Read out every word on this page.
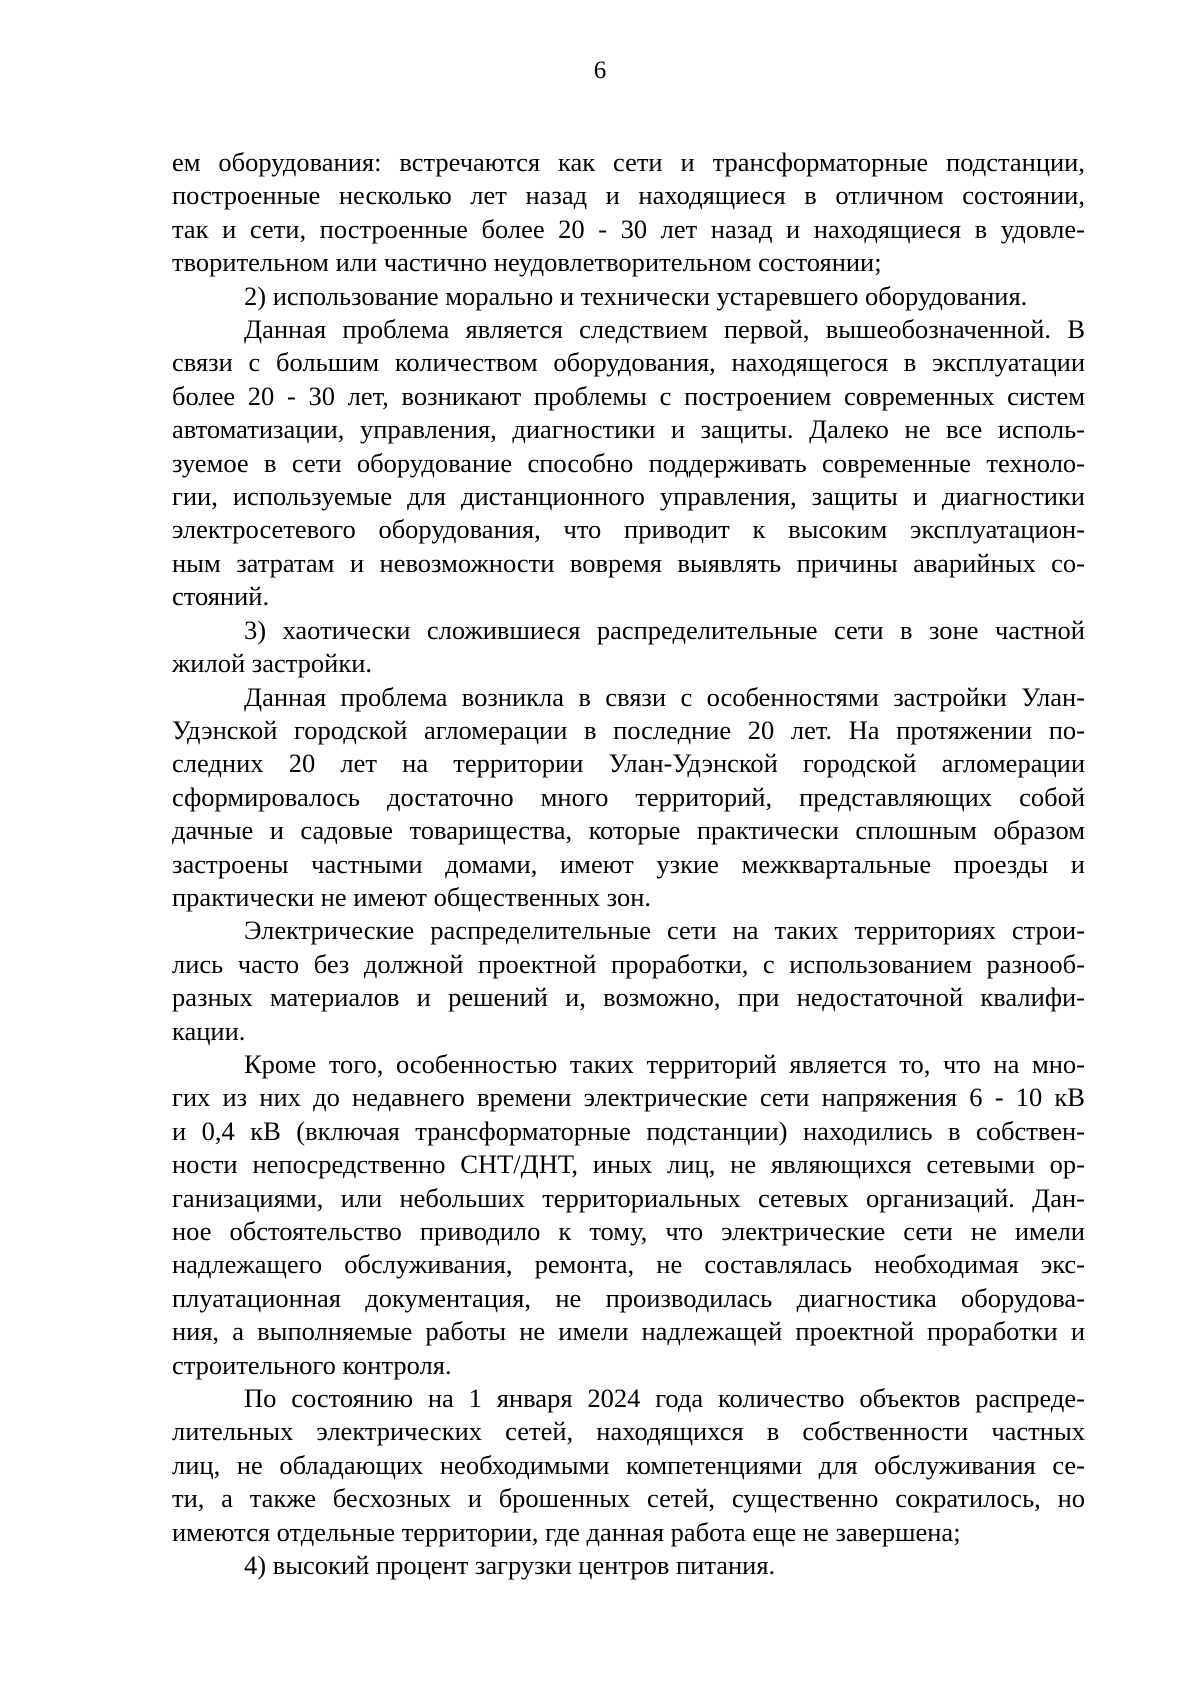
6

ем оборудования: встречаются как сети и трансформаторные подстанции,
построенные несколько лет назад и находящиеся в отличном состоянии,
так и сети, построенные более 20 - 30 лет назад и находящиеся в удовле-
творительном или частично неудовлетворительном состоянии;

2) использование морально и технически устаревшего оборудования.

Данная проблема является следствием первой, вышеобозначенной. В
связи с большим количеством оборудования, находящегося в эксплуатации
более 20 - 30 лет, возникают проблемы с построением современных систем
автоматизации, управления, диагностики и защиты. Далеко не все исполь-
зуемое в сети оборудование способно поддерживать современные техноло-
гии, используемые для дистанционного управления, защиты и диагностики
электросетевого оборудования, что приводит к высоким эксплуатацион-
ным затратам и невозможности вовремя выявлять причины аварийных со-
стояний.

3) хаотически сложившиеся распределительные сети в зоне частной
жилой застройки.

Данная проблема возникла в связи с особенностями застройки Улан-
Удэнской городской агломерации в последние 20 лет. На протяжении по-
следних 20 лет на территории Улан-Удэнской городской агломерации
сформировалось достаточно много территорий, представляющих собой
дачные и садовые товарищества, которые практически сплошным образом
застроены частными домами, имеют узкие межквартальные проезды и
практически не имеют общественных зон.

Электрические распределительные сети на таких территориях строи-
лись часто без должной проектной проработки, с использованием разнооб-
разных материалов и решений и, возможно, при недостаточной квалифи-
кации.

Кроме того, особенностью таких территорий является то, что на мно-
гих из них до недавнего времени электрические сети напряжения 6 - 10 кВ
и 0,4 кВ (включая трансформаторные подстанции) находились в собствен-
ности непосредственно СНТ/ДНТ, иных лиц, не являющихся сетевыми ор-
ганизациями, или небольших территориальных сетевых организаций. Дан-
ное обстоятельство приводило к тому, что электрические сети не имели
надлежащего обслуживания, ремонта, не составлялась необходимая экс-
плуатационная документация, не производилась диагностика оборудова-
ния, а выполняемые работы не имели надлежащей проектной проработки и
строительного контроля.

По состоянию на 1 января 2024 года количество объектов распреде-
лительных электрических сетей, находящихся в собственности частных
лиц, не обладающих необходимыми компетенциями для обслуживания се-
ти, а также бесхозных и брошенных сетей, существенно сократилось, но
имеются отдельные территории, где данная работа еще не завершена;

4) высокий процент загрузки центров питания.
